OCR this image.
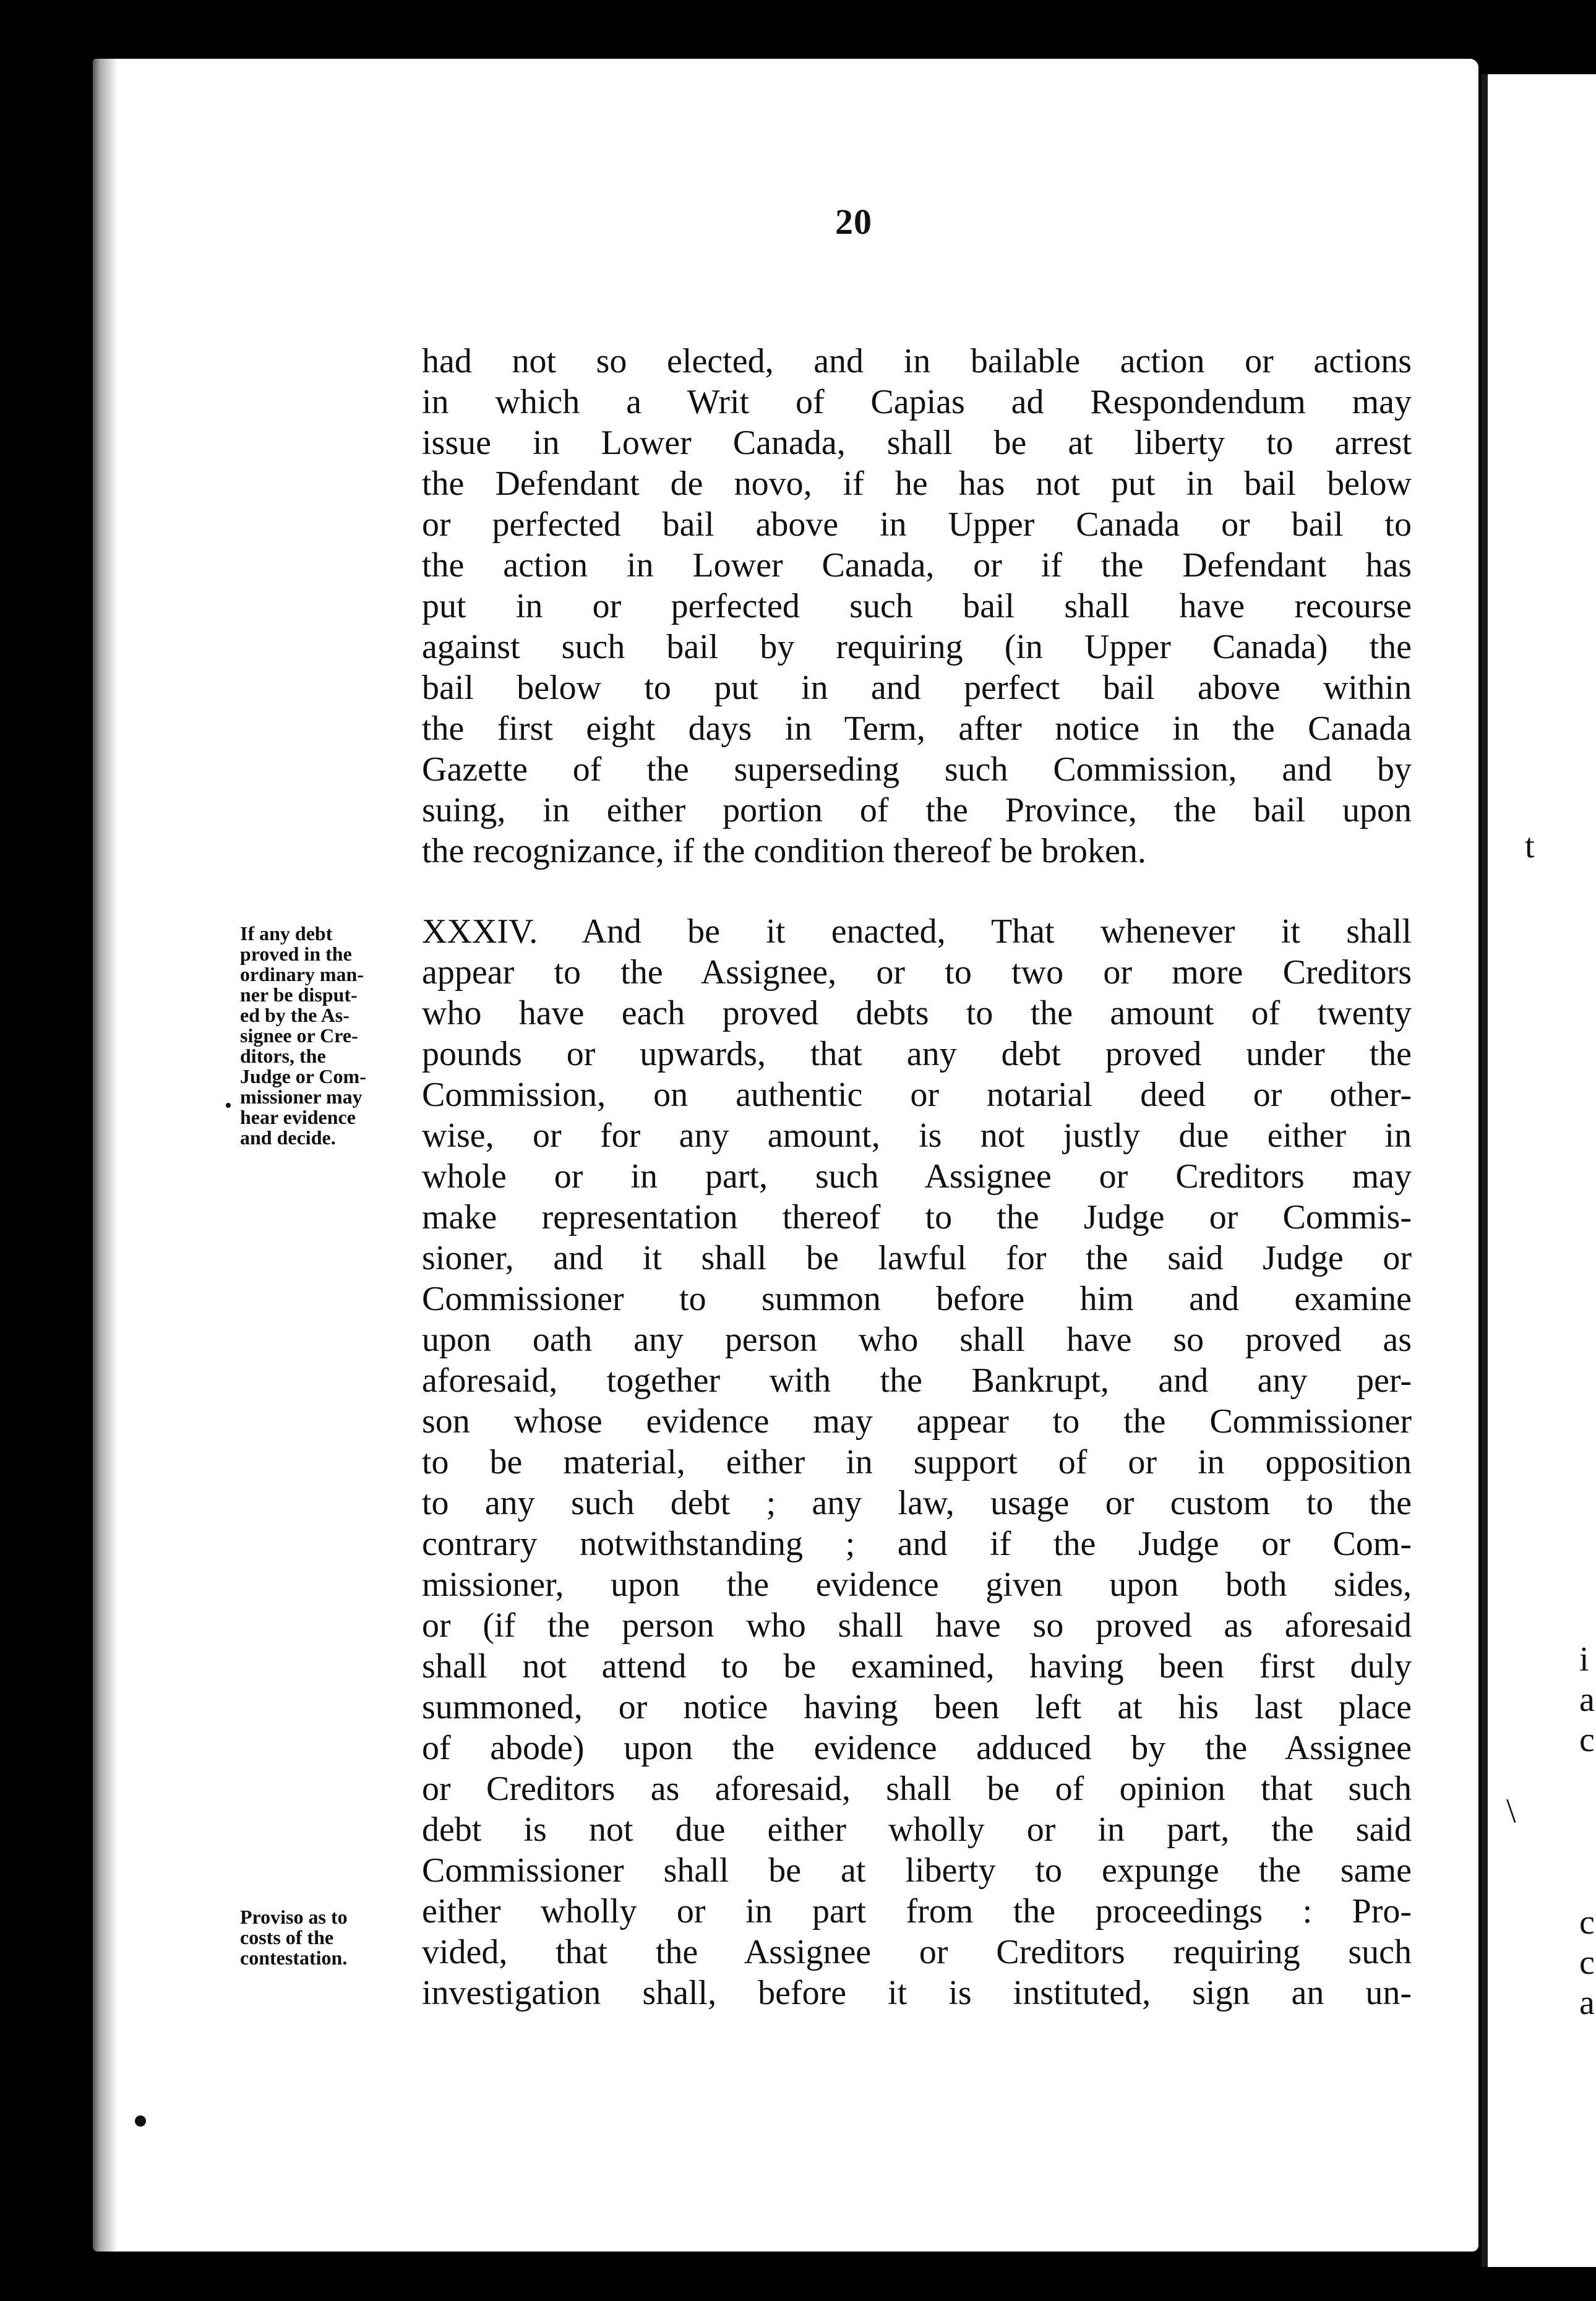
20
had not so elected, and in bailable action or actions
in which a Writ of Capias ad Respondendum may
issue in Lower Canada, shall be at liberty to arrest
the Defendant de novo, if he has not put in bail below
or perfected bail above in Upper Canada or bail to
the action in Lower Canada, or if the Defendant has
put in or perfected such bail shall have recourse
against such bail by requiring (in Upper Canada) the
bail below to put in and perfect bail above within
the first eight days in Term, after notice in the Canada
Gazette of the superseding such Commission, and by
suing, in either portion of the Province, the bail upon
the recognizance, if the condition thereof be broken.
If any debt
proved in the
ordinary man-
ner be disput-
ed by the As-
signee or Cre-
ditors, the
Judge or Com-
missioner may
hear evidence
and decide.
XXXIV. And be it enacted, That whenever it shall
appear to the Assignee, or to two or more Creditors
who have each proved debts to the amount of twenty
pounds or upwards, that any debt proved under the
Commission, on authentic or notarial deed or other-
wise, or for any amount, is not justly due either in
whole or in part, such Assignee or Creditors may
make representation thereof to the Judge or Commis-
sioner, and it shall be lawful for the said Judge or
Commissioner to summon before him and examine
upon oath any person who shall have so proved as
aforesaid, together with the Bankrupt, and any per-
son whose evidence may appear to the Commissioner
to be material, either in support of or in opposition
to any such debt ; any law, usage or custom to the
contrary notwithstanding ; and if the Judge or Com-
missioner, upon the evidence given upon both sides,
or (if the person who shall have so proved as aforesaid
shall not attend to be examined, having been first duly
summoned, or notice having been left at his last place
of abode) upon the evidence adduced by the Assignee
or Creditors as aforesaid, shall be of opinion that such
debt is not due either wholly or in part, the said
Commissioner shall be at liberty to expunge the same
either wholly or in part from the proceedings : Pro-
vided, that the Assignee or Creditors requiring such
investigation shall, before it is instituted, sign an un-
Proviso as to
costs of the
contestation.
t
i
a
c
\
c
c
a
